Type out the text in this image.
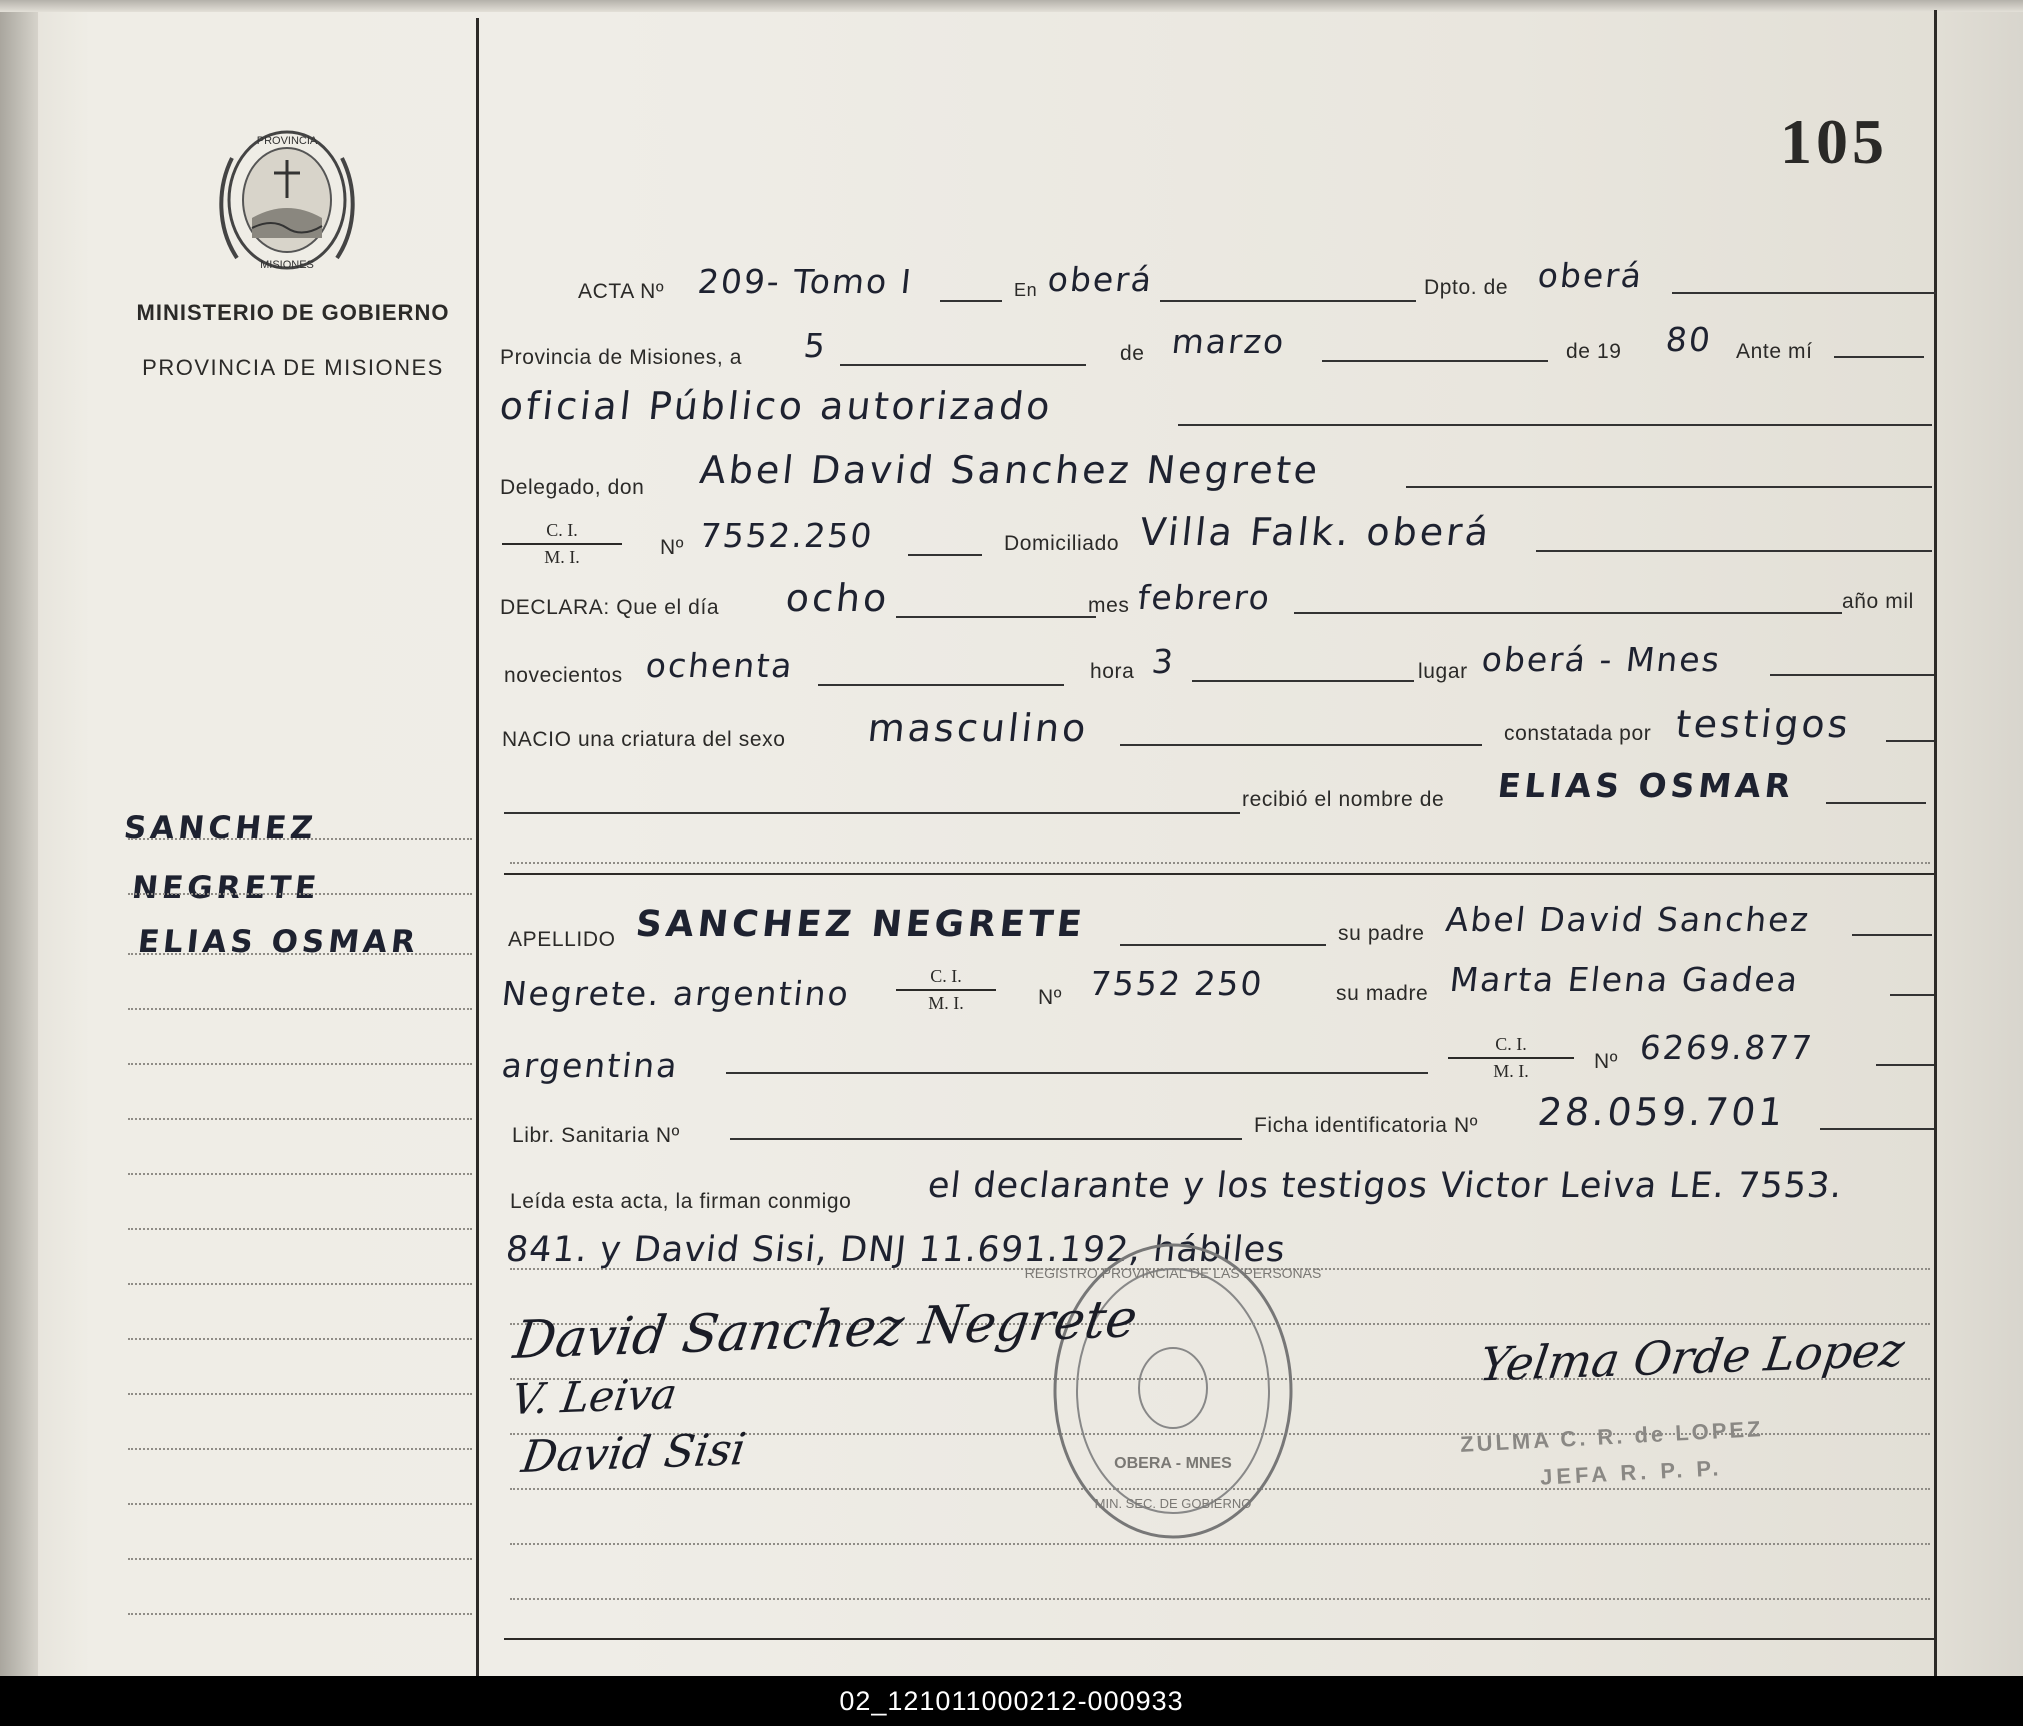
105
PROVINCIA
MISIONES
MINISTERIO DE GOBIERNO
PROVINCIA DE MISIONES
SANCHEZ
NEGRETE
ELIAS OSMAR
ACTA Nº 209- Tomo I	En oberá	Dpto. de oberá
Provincia de Misiones, a 5	de marzo	de 19 80 Ante mí
oficial Público autorizado
Delegado, don Abel David Sanchez Negrete
C. I.
M. I.	Nº 7552.250	Domiciliado Villa Falk. oberá
DECLARA: Que el día ocho	mes febrero	año mil
novecientos ochenta	hora 3	lugar oberá - Mnes
NACIO una criatura del sexo masculino	constatada por testigos
recibió el nombre de ELIAS OSMAR
APELLIDO SANCHEZ NEGRETE	su padre Abel David Sanchez
Negrete. argentino	C. I.
M. I.	Nº 7552 250	su madre Marta Elena Gadea
argentina
C. I.
M. I.	Nº 6269.877
Libr. Sanitaria Nº	Ficha identificatoria Nº 28.059.701
Leída esta acta, la firman conmigo el declarante y los testigos Victor Leiva LE. 7553.
841. y David Sisi, DNJ 11.691.192, hábiles
REGISTRO PROVINCIAL DE LAS PERSONAS
OBERA - MNES
MIN. SEC. DE GOBIERNO
David Sanchez Negrete
V. Leiva
David Sisi
Yelma Orde Lopez
ZULMA C. R. de LOPEZ
JEFA R. P. P.
02_121011000212-000933
